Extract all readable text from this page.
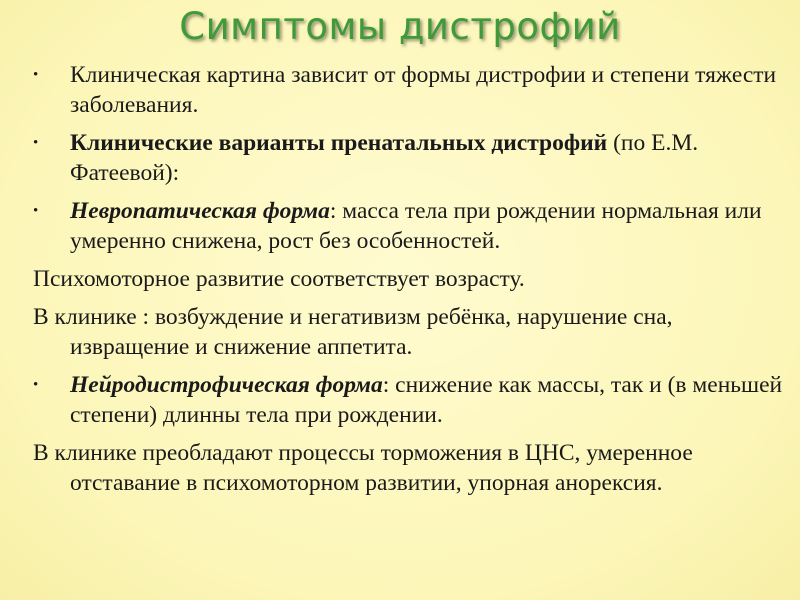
Симптомы дистрофий
• Клиническая картина зависит от формы дистрофии и степени тяжести заболевания.
• Клинические варианты пренатальных дистрофий (по Е.М. Фатеевой):
• Невропатическая форма: масса тела при рождении нормальная или умеренно снижена, рост без особенностей.
Психомоторное развитие соответствует возрасту.
В клинике : возбуждение и негативизм ребёнка, нарушение сна, извращение и снижение аппетита.
• Нейродистрофическая форма: снижение как массы, так и (в меньшей степени) длинны тела при рождении.
В клинике преобладают процессы торможения в ЦНС, умеренное отставание в психомоторном развитии, упорная анорексия.
